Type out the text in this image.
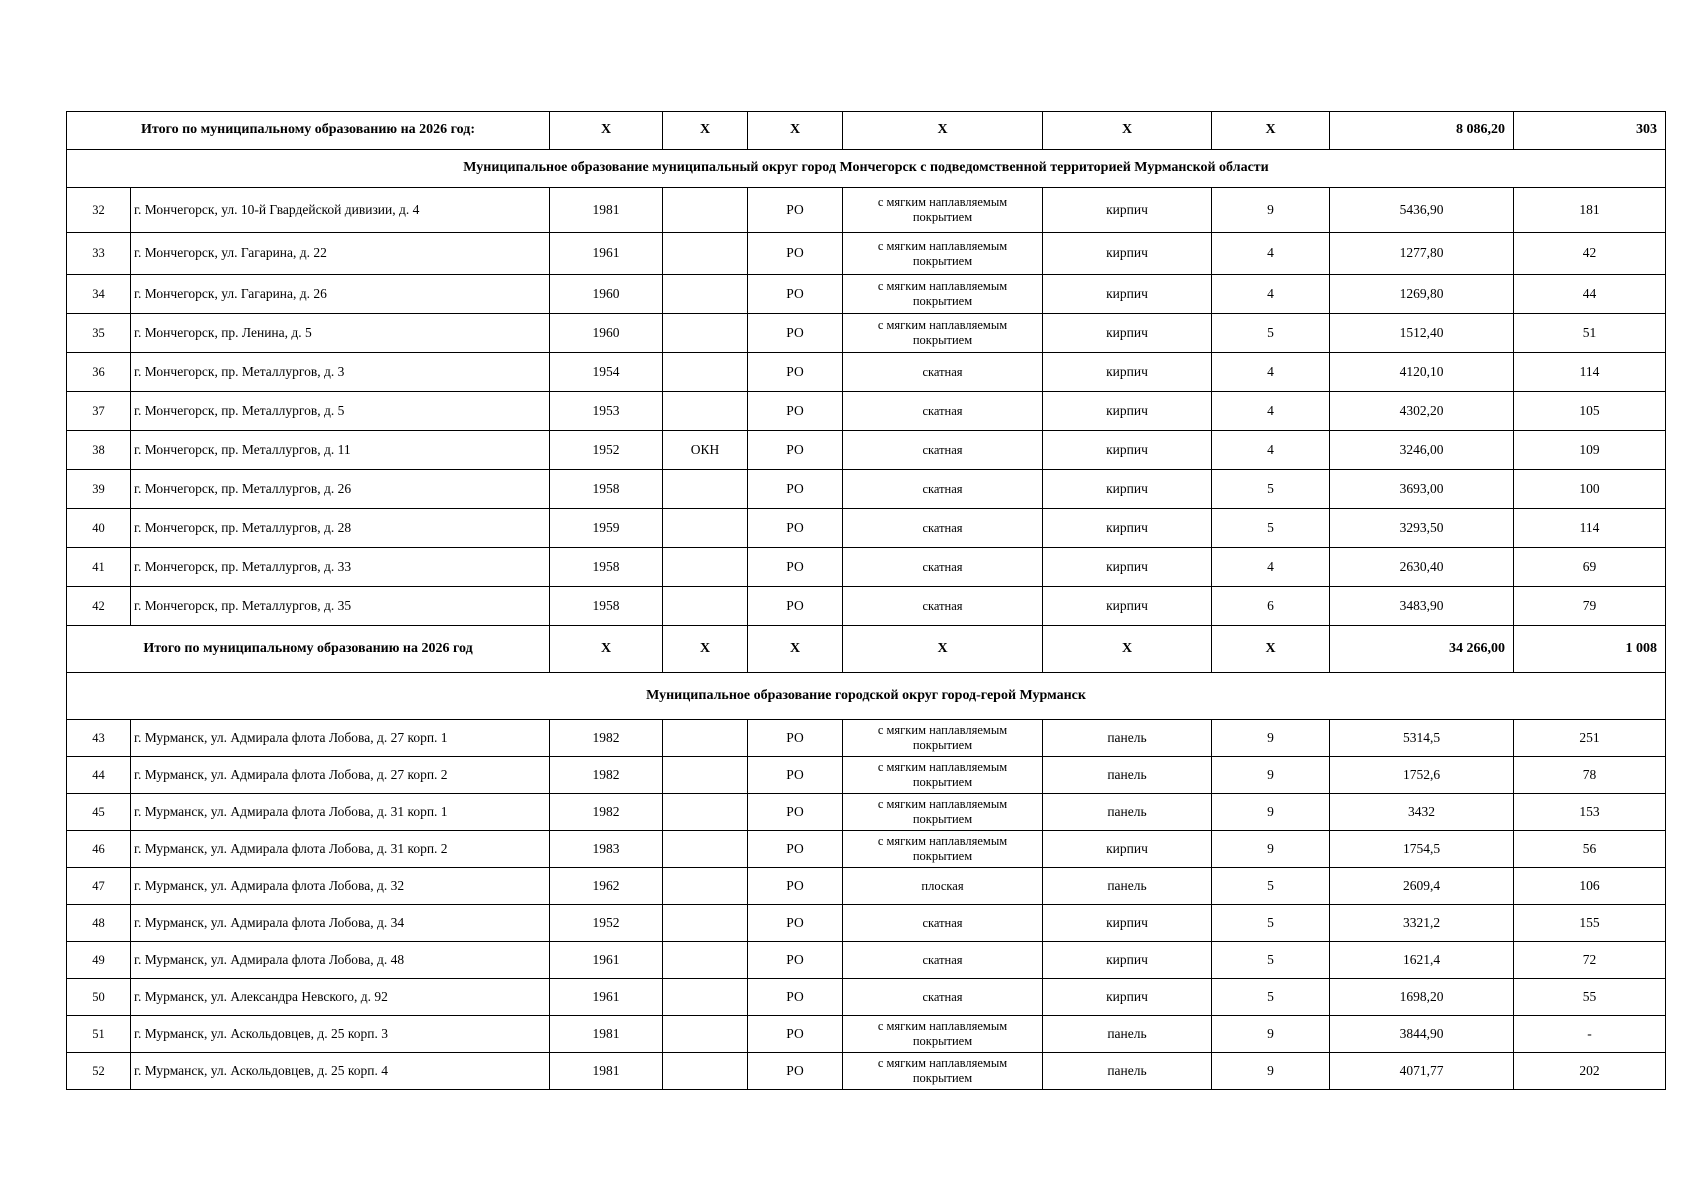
Итого по муниципальному образованию на 2026 год:		X	X	X	X	X	X	8 086,20	303
Муниципальное образование муниципальный округ город Мончегорск с подведомственной территорией Мурманской области									
32	г. Мончегорск, ул. 10-й Гвардейской дивизии, д. 4	1981		РО	с мягким наплавляемым покрытием	кирпич	9	5436,90	181
33	г. Мончегорск, ул. Гагарина, д. 22	1961		РО	с мягким наплавляемым покрытием	кирпич	4	1277,80	42
34	г. Мончегорск, ул. Гагарина, д. 26	1960		РО	с мягким наплавляемым покрытием	кирпич	4	1269,80	44
35	г. Мончегорск, пр. Ленина, д. 5	1960		РО	с мягким наплавляемым покрытием	кирпич	5	1512,40	51
36	г. Мончегорск, пр. Металлургов, д. 3	1954		РО	скатная	кирпич	4	4120,10	114
37	г. Мончегорск, пр. Металлургов, д. 5	1953		РО	скатная	кирпич	4	4302,20	105
38	г. Мончегорск, пр. Металлургов, д. 11	1952	ОКН	РО	скатная	кирпич	4	3246,00	109
39	г. Мончегорск, пр. Металлургов, д. 26	1958		РО	скатная	кирпич	5	3693,00	100
40	г. Мончегорск, пр. Металлургов, д. 28	1959		РО	скатная	кирпич	5	3293,50	114
41	г. Мончегорск, пр. Металлургов, д. 33	1958		РО	скатная	кирпич	4	2630,40	69
42	г. Мончегорск, пр. Металлургов, д. 35	1958		РО	скатная	кирпич	6	3483,90	79
Итого по муниципальному образованию на 2026 год		X	X	X	X	X	X	34 266,00	1 008
Муниципальное образование городской округ город-герой Мурманск									
43	г. Мурманск, ул. Адмирала флота Лобова, д. 27 корп. 1	1982		РО	с мягким наплавляемым покрытием	панель	9	5314,5	251
44	г. Мурманск, ул. Адмирала флота Лобова, д. 27 корп. 2	1982		РО	с мягким наплавляемым покрытием	панель	9	1752,6	78
45	г. Мурманск, ул. Адмирала флота Лобова, д. 31 корп. 1	1982		РО	с мягким наплавляемым покрытием	панель	9	3432	153
46	г. Мурманск, ул. Адмирала флота Лобова, д. 31 корп. 2	1983		РО	с мягким наплавляемым покрытием	кирпич	9	1754,5	56
47	г. Мурманск, ул. Адмирала флота Лобова, д. 32	1962		РО	плоская	панель	5	2609,4	106
48	г. Мурманск, ул. Адмирала флота Лобова, д. 34	1952		РО	скатная	кирпич	5	3321,2	155
49	г. Мурманск, ул. Адмирала флота Лобова, д. 48	1961		РО	скатная	кирпич	5	1621,4	72
50	г. Мурманск, ул. Александра Невского, д. 92	1961		РО	скатная	кирпич	5	1698,20	55
51	г. Мурманск, ул. Аскольдовцев, д. 25 корп. 3	1981		РО	с мягким наплавляемым покрытием	панель	9	3844,90	-
52	г. Мурманск, ул. Аскольдовцев, д. 25 корп. 4	1981		РО	с мягким наплавляемым покрытием	панель	9	4071,77	202
